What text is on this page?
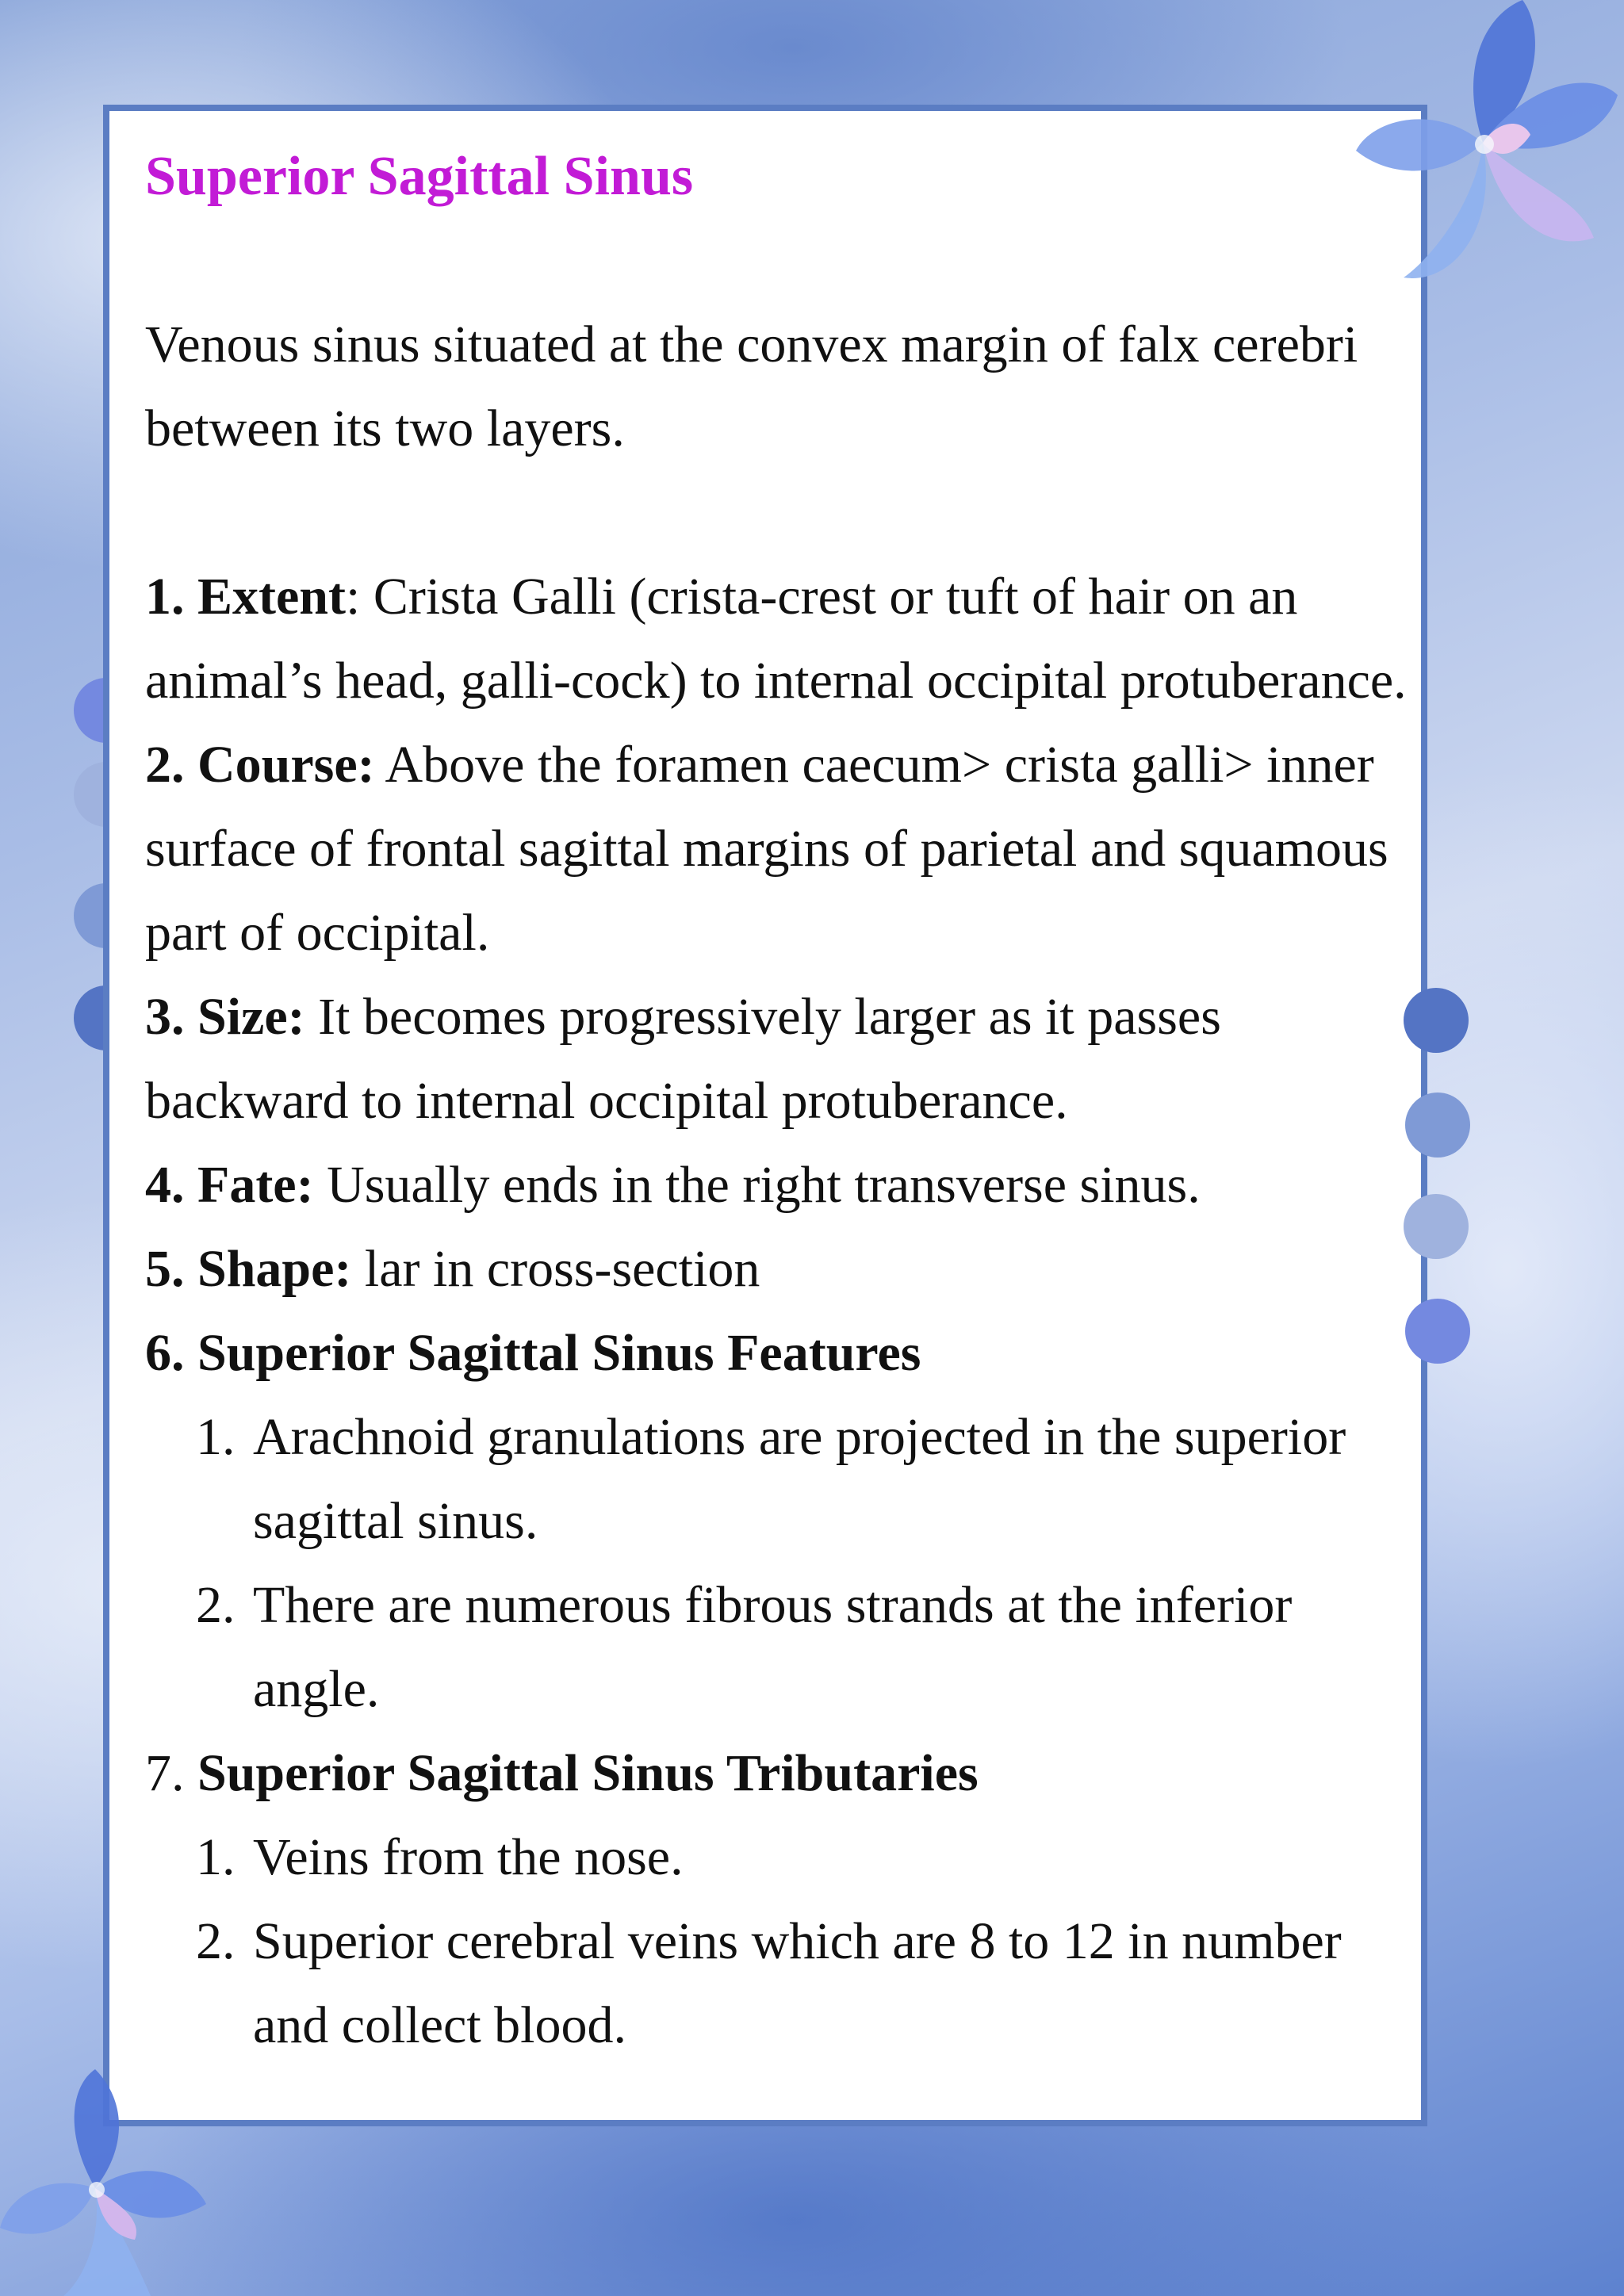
Superior Sagittal Sinus

Venous sinus situated at the convex margin of falx cerebri between its two layers.

1. Extent: Crista Galli (crista-crest or tuft of hair on an animal’s head, galli-cock) to internal occipital protuberance.

2. Course: Above the foramen caecum> crista galli> inner surface of frontal sagittal margins of parietal and squamous part of occipital.

3. Size: It becomes progressively larger as it passes backward to internal occipital protuberance.

4. Fate: Usually ends in the right transverse sinus.

5. Shape: lar in cross-section

6. Superior Sagittal Sinus Features

1. Arachnoid granulations are projected in the superior sagittal sinus.
2. There are numerous fibrous strands at the inferior angle.

7. Superior Sagittal Sinus Tributaries

1. Veins from the nose.
2. Superior cerebral veins which are 8 to 12 in number and collect blood.
